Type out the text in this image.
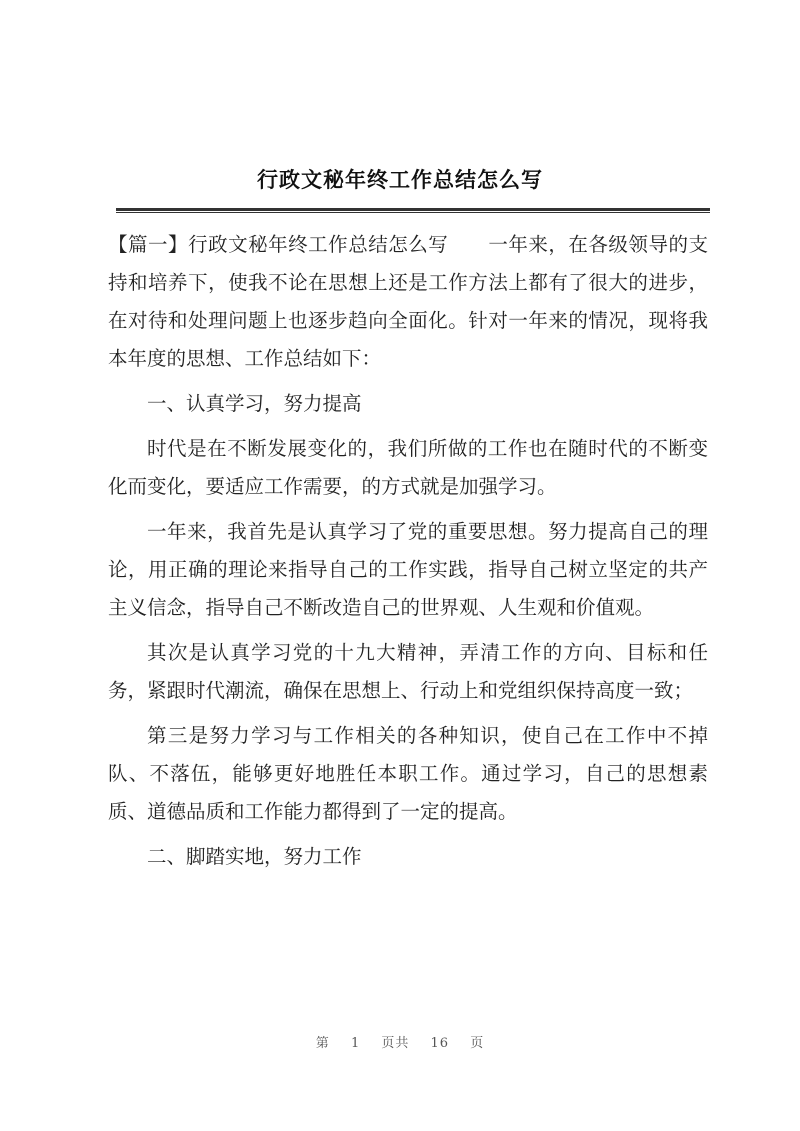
行政文秘年终工作总结怎么写

【篇一】行政文秘年终工作总结怎么写　　一年来，在各级领导的支持和培养下，使我不论在思想上还是工作方法上都有了很大的进步，在对待和处理问题上也逐步趋向全面化。针对一年来的情况，现将我本年度的思想、工作总结如下：

一、认真学习，努力提高

时代是在不断发展变化的，我们所做的工作也在随时代的不断变化而变化，要适应工作需要，的方式就是加强学习。

一年来，我首先是认真学习了党的重要思想。努力提高自己的理论，用正确的理论来指导自己的工作实践，指导自己树立坚定的共产主义信念，指导自己不断改造自己的世界观、人生观和价值观。

其次是认真学习党的十九大精神，弄清工作的方向、目标和任务，紧跟时代潮流，确保在思想上、行动上和党组织保持高度一致；

第三是努力学习与工作相关的各种知识，使自己在工作中不掉队、不落伍，能够更好地胜任本职工作。通过学习，自己的思想素质、道德品质和工作能力都得到了一定的提高。

二、脚踏实地，努力工作

第 1 页共 16 页
